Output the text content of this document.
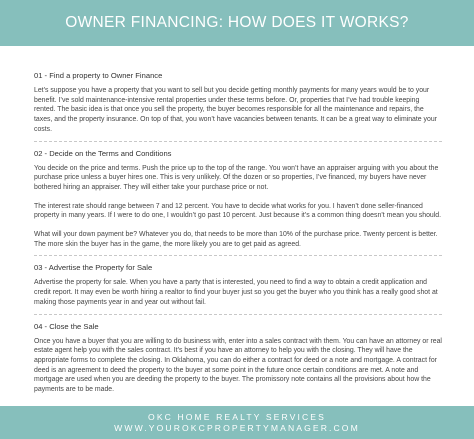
OWNER FINANCING: HOW DOES IT WORKS?

01 - Find a property to Owner Finance

Let’s suppose you have a property that you want to sell but you decide getting monthly payments for many years would be to your benefit. I’ve sold maintenance-intensive rental properties under these terms before. Or, properties that I’ve had trouble keeping rented. The basic idea is that once you sell the property, the buyer becomes responsible for all the maintenance and repairs, the taxes, and the property insurance. On top of that, you won’t have vacancies between tenants. It can be a great way to eliminate your costs.

02 - Decide on the Terms and Conditions

You decide on the price and terms. Push the price up to the top of the range. You won’t have an appraiser arguing with you about the purchase price unless a buyer hires one. This is very unlikely. Of the dozen or so properties, I’ve financed, my buyers have never bothered hiring an appraiser. They will either take your purchase price or not.

The interest rate should range between 7 and 12 percent. You have to decide what works for you. I haven’t done seller-financed property in many years. If I were to do one, I wouldn’t go past 10 percent. Just because it’s a common thing doesn’t mean you should.

What will your down payment be? Whatever you do, that needs to be more than 10% of the purchase price. Twenty percent is better. The more skin the buyer has in the game, the more likely you are to get paid as agreed.

03 - Advertise the Property for Sale

Advertise the property for sale. When you have a party that is interested, you need to find a way to obtain a credit application and credit report. It may even be worth hiring a realtor to find your buyer just so you get the buyer who you think has a really good shot at making those payments year in and year out without fail.

04 - Close the Sale

Once you have a buyer that you are willing to do business with, enter into a sales contract with them. You can have an attorney or real estate agent help you with the sales contract. It’s best if you have an attorney to help you with the closing. They will have the appropriate forms to complete the closing. In Oklahoma, you can do either a contract for deed or a note and mortgage. A contract for deed is an agreement to deed the property to the buyer at some point in the future once certain conditions are met. A note and mortgage are used when you are deeding the property to the buyer. The promissory note contains all the provisions about how the payments are to be made.

OKC HOME REALTY SERVICES
WWW.YOUROKCPROPERTYMANAGER.COM
